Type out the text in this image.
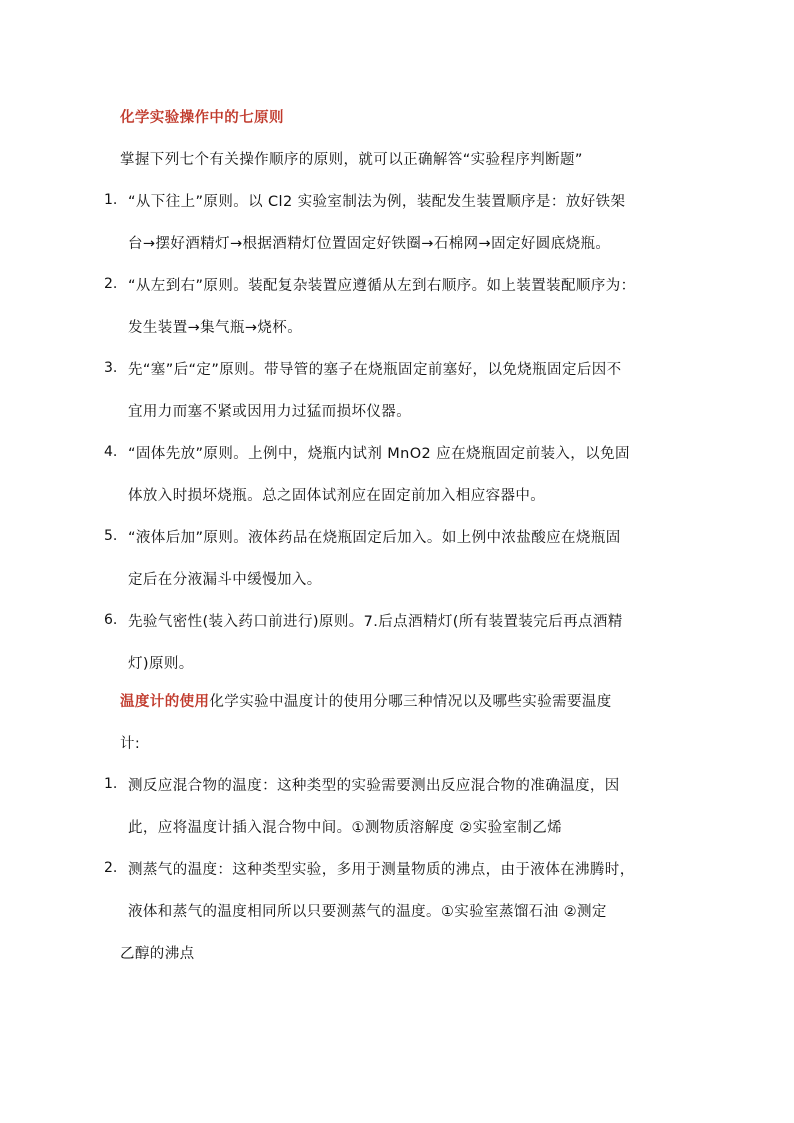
化学实验操作中的七原则
掌握下列七个有关操作顺序的原则，就可以正确解答“实验程序判断题”
1. “从下往上”原则。以 Cl2 实验室制法为例，装配发生装置顺序是：放好铁架
台→摆好酒精灯→根据酒精灯位置固定好铁圈→石棉网→固定好圆底烧瓶。
2. “从左到右”原则。装配复杂装置应遵循从左到右顺序。如上装置装配顺序为：
发生装置→集气瓶→烧杯。
3. 先“塞”后“定”原则。带导管的塞子在烧瓶固定前塞好，以免烧瓶固定后因不
宜用力而塞不紧或因用力过猛而损坏仪器。
4. “固体先放”原则。上例中，烧瓶内试剂 MnO2 应在烧瓶固定前装入，以免固
体放入时损坏烧瓶。总之固体试剂应在固定前加入相应容器中。
5. “液体后加”原则。液体药品在烧瓶固定后加入。如上例中浓盐酸应在烧瓶固
定后在分液漏斗中缓慢加入。
6. 先验气密性(装入药口前进行)原则。7.后点酒精灯(所有装置装完后再点酒精
灯)原则。
温度计的使用化学实验中温度计的使用分哪三种情况以及哪些实验需要温度
计:
1. 测反应混合物的温度：这种类型的实验需要测出反应混合物的准确温度，因
此，应将温度计插入混合物中间。①测物质溶解度 ②实验室制乙烯
2. 测蒸气的温度：这种类型实验，多用于测量物质的沸点，由于液体在沸腾时，
液体和蒸气的温度相同所以只要测蒸气的温度。①实验室蒸馏石油 ②测定
乙醇的沸点
